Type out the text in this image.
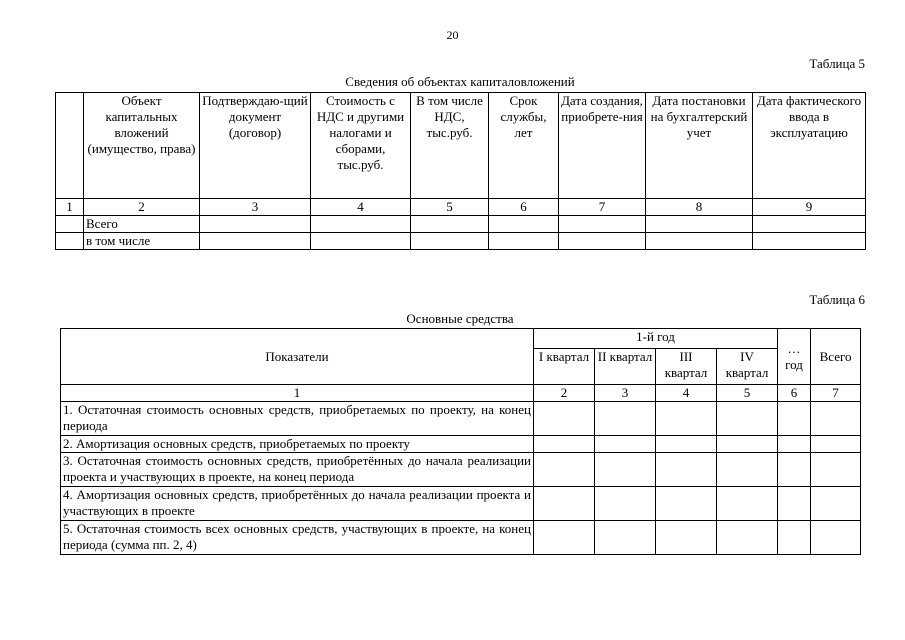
20
Таблица 5
Сведения об объектах капиталовложений
	Объект капитальных вложений (имущество, права)	Подтверждаю-щий документ (договор)	Стоимость с НДС и другими налогами и сборами, тыс.руб.	В том числе НДС, тыс.руб.	Срок службы, лет	Дата создания, приобрете-ния	Дата постановки на бухгалтерский учет	Дата фактического ввода в эксплуатацию
1	2	3	4	5	6	7	8	9
	Всего							
	в том числе							
Таблица 6
Основные средства
Показатели	1-й год				… год	Всего
	I квартал	II квартал	III квартал	IV квартал		
1	2	3	4	5	6	7
1. Остаточная стоимость основных средств, приобретаемых по проекту, на конец периода						
2. Амортизация основных средств, приобретаемых по проекту						
3. Остаточная стоимость основных средств, приобретённых до начала реализации проекта и участвующих в проекте, на конец периода						
4. Амортизация основных средств, приобретённых до начала реализации проекта и участвующих в проекте						
5. Остаточная стоимость всех основных средств, участвующих в проекте, на конец периода (сумма пп. 2, 4)						
